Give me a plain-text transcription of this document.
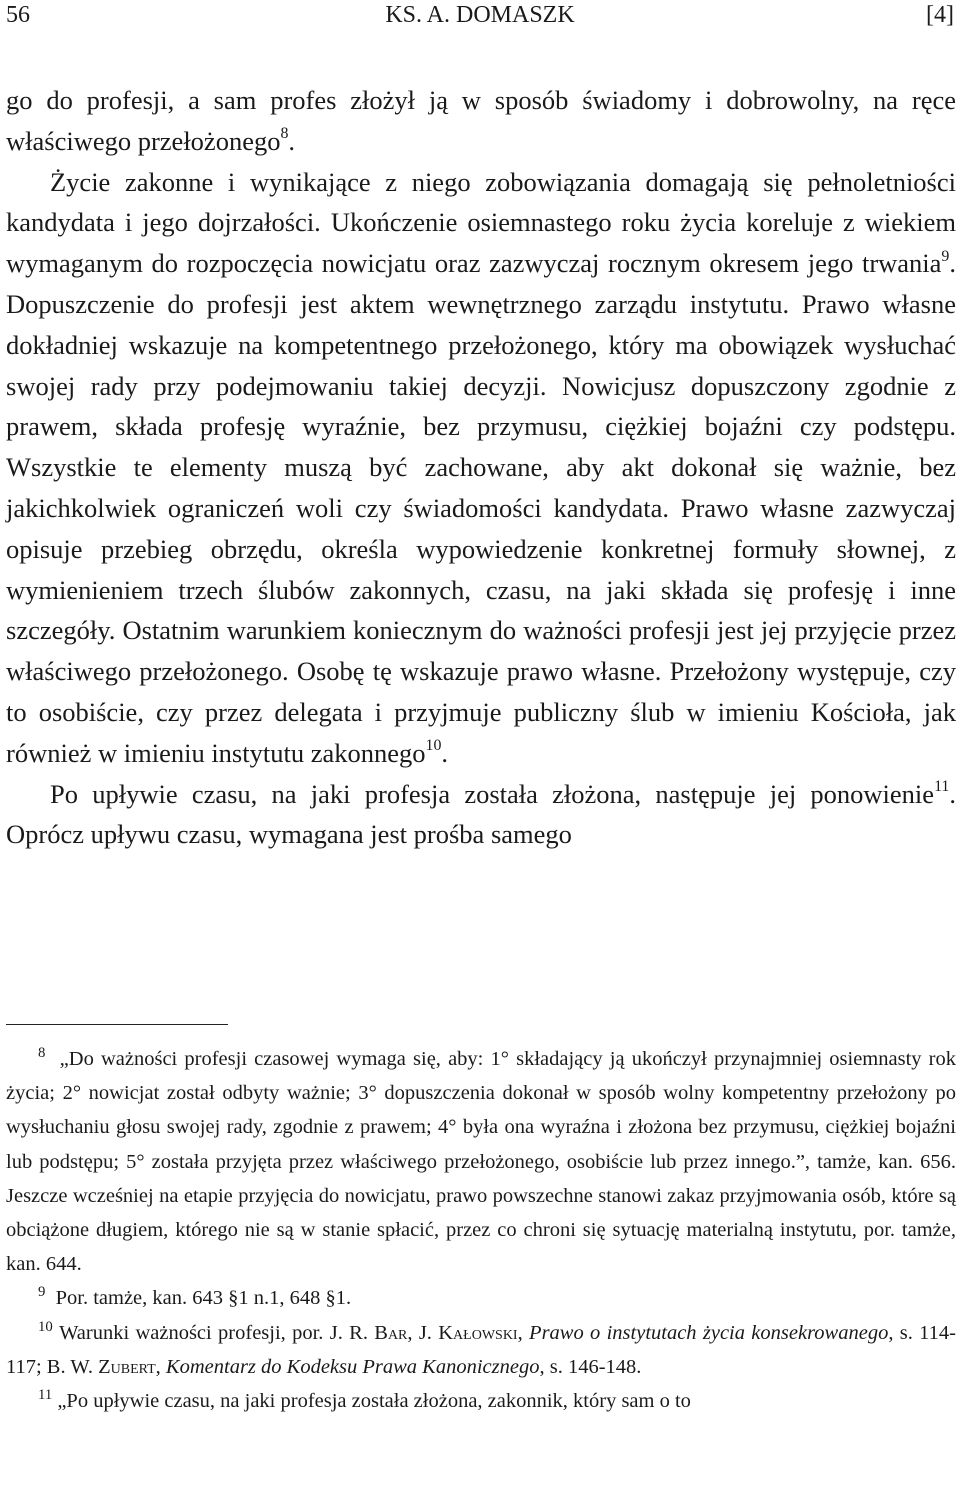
56	KS. A. DOMASZK	[4]

go do profesji, a sam profes złożył ją w sposób świadomy i dobrowolny, na ręce właściwego przełożonego$^8$.

Życie zakonne i wynikające z niego zobowiązania domagają się pełnoletniości kandydata i jego dojrzałości. Ukończenie osiemnastego roku życia koreluje z wiekiem wymaganym do rozpoczęcia nowicjatu oraz zazwyczaj rocznym okresem jego trwania$^9$. Dopuszczenie do profesji jest aktem wewnętrznego zarządu instytutu. Prawo własne dokładniej wskazuje na kompetentnego przełożonego, który ma obowiązek wysłuchać swojej rady przy podejmowaniu takiej decyzji. Nowicjusz dopuszczony zgodnie z prawem, składa profesję wyraźnie, bez przymusu, ciężkiej bojaźni czy podstępu. Wszystkie te elementy muszą być zachowane, aby akt dokonał się ważnie, bez jakichkolwiek ograniczeń woli czy świadomości kandydata. Prawo własne zazwyczaj opisuje przebieg obrzędu, określa wypowiedzenie konkretnej formuły słownej, z wymienieniem trzech ślubów zakonnych, czasu, na jaki składa się profesję i inne szczegóły. Ostatnim warunkiem koniecznym do ważności profesji jest jej przyjęcie przez właściwego przełożonego. Osobę tę wskazuje prawo własne. Przełożony występuje, czy to osobiście, czy przez delegata i przyjmuje publiczny ślub w imieniu Kościoła, jak również w imieniu instytutu zakonnego$^{10}$.

Po upływie czasu, na jaki profesja została złożona, następuje jej ponowienie$^{11}$. Oprócz upływu czasu, wymagana jest prośba samego

$^8$ „Do ważności profesji czasowej wymaga się, aby: 1° składający ją ukończył przynajmniej osiemnasty rok życia; 2° nowicjat został odbyty ważnie; 3° dopuszczenia dokonał w sposób wolny kompetentny przełożony po wysłuchaniu głosu swojej rady, zgodnie z prawem; 4° była ona wyraźna i złożona bez przymusu, ciężkiej bojaźni lub podstępu; 5° została przyjęta przez właściwego przełożonego, osobiście lub przez innego.”, tamże, kan. 656. Jeszcze wcześniej na etapie przyjęcia do nowicjatu, prawo powszechne stanowi zakaz przyjmowania osób, które są obciążone długiem, którego nie są w stanie spłacić, przez co chroni się sytuację materialną instytutu, por. tamże, kan. 644.

$^9$ Por. tamże, kan. 643 §1 n.1, 648 §1.

$^{10}$ Warunki ważności profesji, por. J. R. Bar, J. Kałowski, Prawo o instytutach życia konsekrowanego, s. 114-117; B. W. Zubert, Komentarz do Kodeksu Prawa Kanonicznego, s. 146-148.

$^{11}$ „Po upływie czasu, na jaki profesja została złożona, zakonnik, który sam o to
